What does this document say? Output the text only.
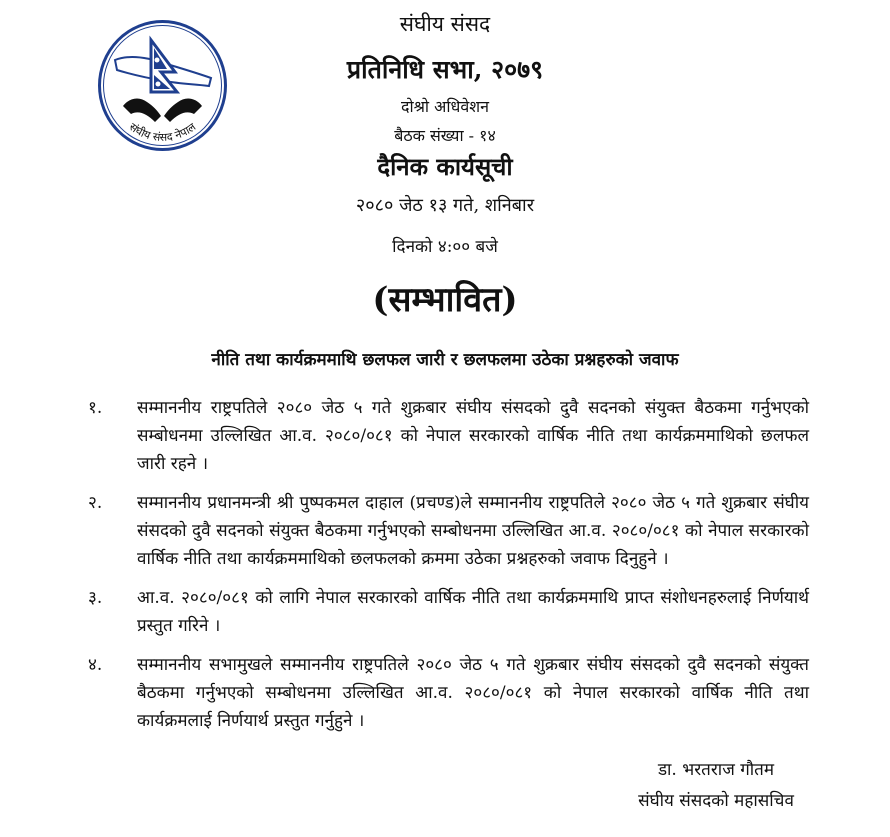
संघीय संसद नेपाल
संघीय संसद
प्रतिनिधि सभा, २०७९
दोश्रो अधिवेशन
बैठक संख्या - १४
दैनिक कार्यसूची
२०८० जेठ १३ गते, शनिबार
दिनको ४:०० बजे
(सम्भावित)
नीति तथा कार्यक्रममाथि छलफल जारी र छलफलमा उठेका प्रश्नहरुको जवाफ
१. सम्माननीय राष्ट्रपतिले २०८० जेठ ५ गते शुक्रबार संघीय संसदको दुवै सदनको संयुक्त बैठकमा गर्नुभएको सम्बोधनमा उल्लिखित आ.व. २०८०/०८१ को नेपाल सरकारको वार्षिक नीति तथा कार्यक्रममाथिको छलफल जारी रहने ।
२. सम्माननीय प्रधानमन्त्री श्री पुष्पकमल दाहाल (प्रचण्ड)ले सम्माननीय राष्ट्रपतिले २०८० जेठ ५ गते शुक्रबार संघीय संसदको दुवै सदनको संयुक्त बैठकमा गर्नुभएको सम्बोधनमा उल्लिखित आ.व. २०८०/०८१ को नेपाल सरकारको वार्षिक नीति तथा कार्यक्रममाथिको छलफलको क्रममा उठेका प्रश्नहरुको जवाफ दिनुहुने ।
३. आ.व. २०८०/०८१ को लागि नेपाल सरकारको वार्षिक नीति तथा कार्यक्रममाथि प्राप्त संशोधनहरुलाई निर्णयार्थ प्रस्तुत गरिने ।
४. सम्माननीय सभामुखले सम्माननीय राष्ट्रपतिले २०८० जेठ ५ गते शुक्रबार संघीय संसदको दुवै सदनको संयुक्त बैठकमा गर्नुभएको सम्बोधनमा उल्लिखित आ.व. २०८०/०८१ को नेपाल सरकारको वार्षिक नीति तथा कार्यक्रमलाई निर्णयार्थ प्रस्तुत गर्नुहुने ।
डा. भरतराज गौतम
संघीय संसदको महासचिव
